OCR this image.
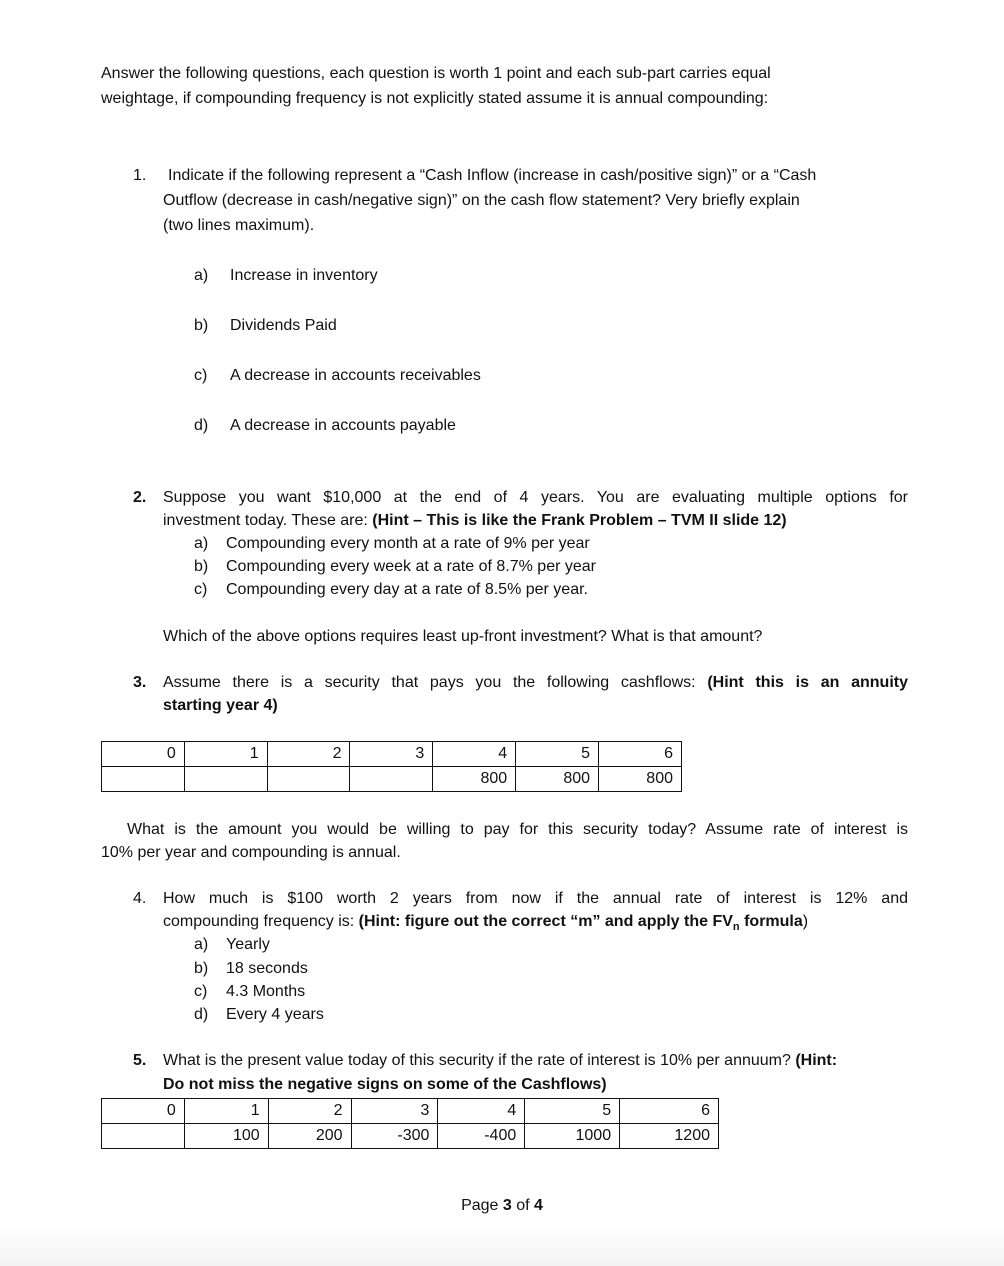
Answer the following questions, each question is worth 1 point and each sub-part carries equal
weightage, if compounding frequency is not explicitly stated assume it is annual compounding:
1. Indicate if the following represent a “Cash Inflow (increase in cash/positive sign)” or a “Cash
Outflow (decrease in cash/negative sign)” on the cash flow statement? Very briefly explain
(two lines maximum).
a) Increase in inventory
b) Dividends Paid
c) A decrease in accounts receivables
d) A decrease in accounts payable
2. Suppose you want $10,000 at the end of 4 years. You are evaluating multiple options for
investment today. These are: (Hint – This is like the Frank Problem – TVM II slide 12)
a) Compounding every month at a rate of 9% per year
b) Compounding every week at a rate of 8.7% per year
c) Compounding every day at a rate of 8.5% per year.
Which of the above options requires least up-front investment? What is that amount?
3. Assume there is a security that pays you the following cashflows: (Hint this is an annuity
starting year 4)
0	1	2	3	4	5	6
				800	800	800
What is the amount you would be willing to pay for this security today? Assume rate of interest is
10% per year and compounding is annual.
4. How much is $100 worth 2 years from now if the annual rate of interest is 12% and
compounding frequency is: (Hint: figure out the correct “m” and apply the $FV_n$ formula)
a) Yearly
b) 18 seconds
c) 4.3 Months
d) Every 4 years
5. What is the present value today of this security if the rate of interest is 10% per annuum? (Hint:
Do not miss the negative signs on some of the Cashflows)
0	1	2	3	4	5	6
	100	200	-300	-400	1000	1200
Page 3 of 4
